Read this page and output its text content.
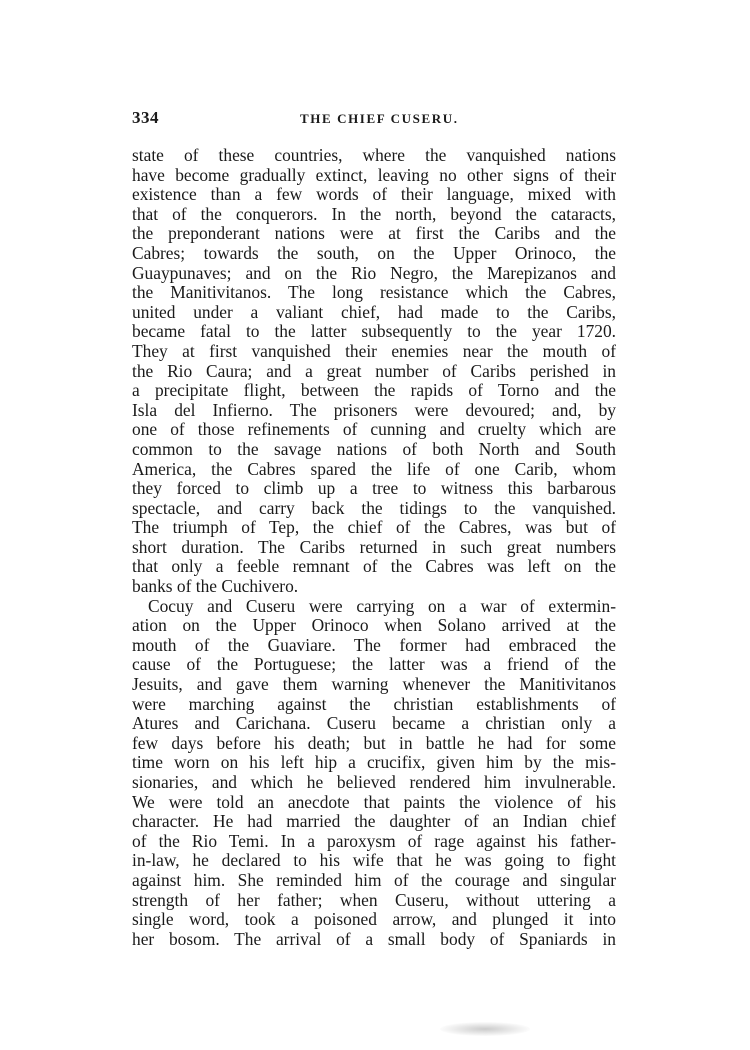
334	THE CHIEF CUSERU.
state of these countries, where the vanquished nations
have become gradually extinct, leaving no other signs of their
existence than a few words of their language, mixed with
that of the conquerors. In the north, beyond the cataracts,
the preponderant nations were at first the Caribs and the
Cabres; towards the south, on the Upper Orinoco, the
Guaypunaves; and on the Rio Negro, the Marepizanos and
the Manitivitanos. The long resistance which the Cabres,
united under a valiant chief, had made to the Caribs,
became fatal to the latter subsequently to the year 1720.
They at first vanquished their enemies near the mouth of
the Rio Caura; and a great number of Caribs perished in
a precipitate flight, between the rapids of Torno and the
Isla del Infierno. The prisoners were devoured; and, by
one of those refinements of cunning and cruelty which are
common to the savage nations of both North and South
America, the Cabres spared the life of one Carib, whom
they forced to climb up a tree to witness this barbarous
spectacle, and carry back the tidings to the vanquished.
The triumph of Tep, the chief of the Cabres, was but of
short duration. The Caribs returned in such great numbers
that only a feeble remnant of the Cabres was left on the
banks of the Cuchivero.
Cocuy and Cuseru were carrying on a war of extermin-
ation on the Upper Orinoco when Solano arrived at the
mouth of the Guaviare. The former had embraced the
cause of the Portuguese; the latter was a friend of the
Jesuits, and gave them warning whenever the Manitivitanos
were marching against the christian establishments of
Atures and Carichana. Cuseru became a christian only a
few days before his death; but in battle he had for some
time worn on his left hip a crucifix, given him by the mis-
sionaries, and which he believed rendered him invulnerable.
We were told an anecdote that paints the violence of his
character. He had married the daughter of an Indian chief
of the Rio Temi. In a paroxysm of rage against his father-
in-law, he declared to his wife that he was going to fight
against him. She reminded him of the courage and singular
strength of her father; when Cuseru, without uttering a
single word, took a poisoned arrow, and plunged it into
her bosom. The arrival of a small body of Spaniards in
